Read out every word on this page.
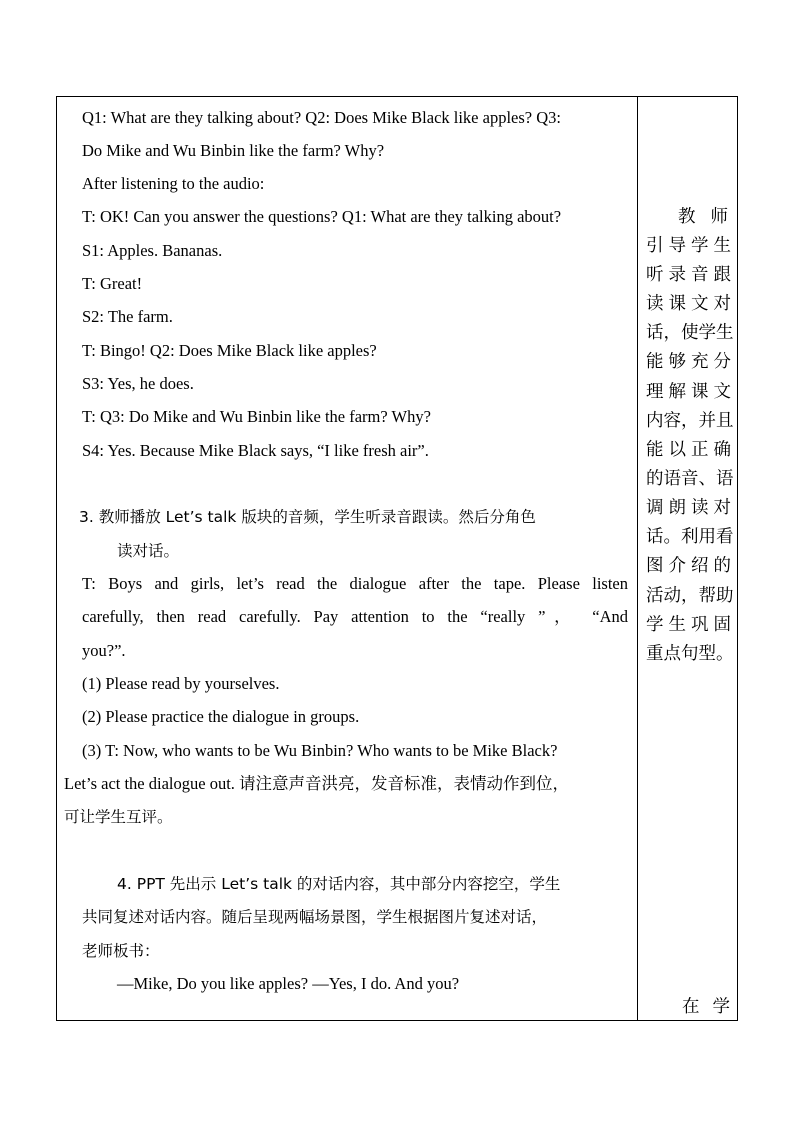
Q1: What are they talking about? Q2: Does Mike Black like apples? Q3:
Do Mike and Wu Binbin like the farm? Why?
After listening to the audio:
T: OK! Can you answer the questions? Q1: What are they talking about?
S1: Apples. Bananas.
T: Great!
S2: The farm.
T: Bingo! Q2: Does Mike Black like apples?
S3: Yes, he does.
T: Q3: Do Mike and Wu Binbin like the farm? Why?
S4: Yes. Because Mike Black says, “I like fresh air”.
3. 教师播放 Let’s talk 版块的音频，学生听录音跟读。然后分角色
读对话。
T: Boys and girls, let’s read the dialogue after the tape. Please listen
carefully, then read carefully. Pay attention to the “really ”， “And
you?”.
(1) Please read by yourselves.
(2) Please practice the dialogue in groups.
(3) T: Now, who wants to be Wu Binbin? Who wants to be Mike Black?
Let’s act the dialogue out. 请注意声音洪亮，发音标准，表情动作到位，
可让学生互评。
4. PPT 先出示 Let’s talk 的对话内容，其中部分内容挖空，学生
共同复述对话内容。随后呈现两幅场景图，学生根据图片复述对话，
老师板书：
—Mike, Do you like apples? —Yes, I do. And you?
教 师
引导学生
听录音跟
读课文对
话，使学生
能够充分
理解课文
内容，并且
能以正确
的语音、语
调朗读对
话。利用看
图介绍的
活动，帮助
学生巩固
重点句型。
在 学
